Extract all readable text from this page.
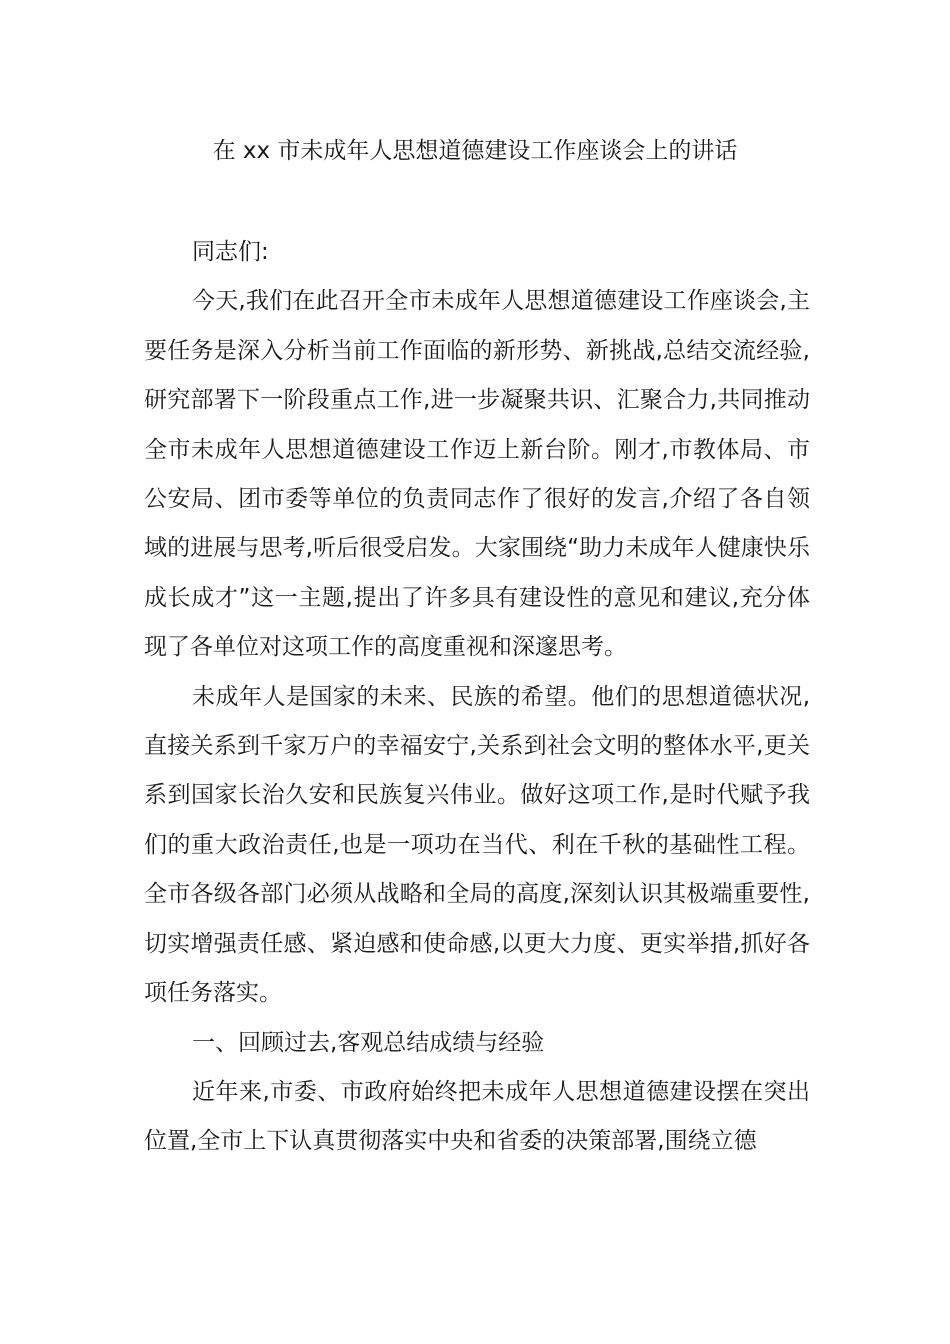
在 xx 市未成年人思想道德建设工作座谈会上的讲话

同志们:

今天,我们在此召开全市未成年人思想道德建设工作座谈会,主要任务是深入分析当前工作面临的新形势、新挑战,总结交流经验,研究部署下一阶段重点工作,进一步凝聚共识、汇聚合力,共同推动全市未成年人思想道德建设工作迈上新台阶。刚才,市教体局、市公安局、团市委等单位的负责同志作了很好的发言,介绍了各自领域的进展与思考,听后很受启发。大家围绕“助力未成年人健康快乐成长成才”这一主题,提出了许多具有建设性的意见和建议,充分体现了各单位对这项工作的高度重视和深邃思考。

未成年人是国家的未来、民族的希望。他们的思想道德状况,直接关系到千家万户的幸福安宁,关系到社会文明的整体水平,更关系到国家长治久安和民族复兴伟业。做好这项工作,是时代赋予我们的重大政治责任,也是一项功在当代、利在千秋的基础性工程。全市各级各部门必须从战略和全局的高度,深刻认识其极端重要性,切实增强责任感、紧迫感和使命感,以更大力度、更实举措,抓好各项任务落实。

一、回顾过去,客观总结成绩与经验

近年来,市委、市政府始终把未成年人思想道德建设摆在突出位置,全市上下认真贯彻落实中央和省委的决策部署,围绕立德
